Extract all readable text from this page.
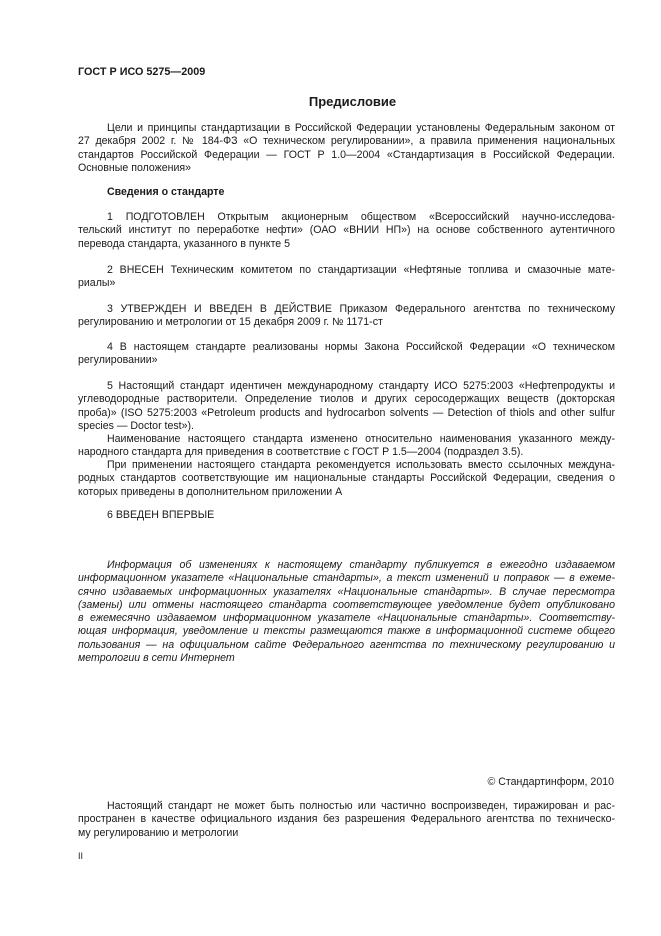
ГОСТ Р ИСО 5275—2009
Предисловие
Цели и принципы стандартизации в Российской Федерации установлены Федеральным законом от
27 декабря 2002 г. № 184-ФЗ «О техническом регулировании», а правила применения национальных
стандартов Российской Федерации — ГОСТ Р 1.0—2004 «Стандартизация в Российской Федерации.
Основные положения»
Сведения о стандарте
1 ПОДГОТОВЛЕН Открытым акционерным обществом «Всероссийский научно-исследова-
тельский институт по переработке нефти» (ОАО «ВНИИ НП») на основе собственного аутентичного
перевода стандарта, указанного в пункте 5
2 ВНЕСЕН Техническим комитетом по стандартизации «Нефтяные топлива и смазочные мате-
риалы»
3 УТВЕРЖДЕН И ВВЕДЕН В ДЕЙСТВИЕ Приказом Федерального агентства по техническому
регулированию и метрологии от 15 декабря 2009 г. № 1171-ст
4 В настоящем стандарте реализованы нормы Закона Российской Федерации «О техническом
регулировании»
5 Настоящий стандарт идентичен международному стандарту ИСО 5275:2003 «Нефтепродукты и
углеводородные растворители. Определение тиолов и других серосодержащих веществ (докторская
проба)» (ISO 5275:2003 «Petroleum products and hydrocarbon solvents — Detection of thiols and other sulfur
species — Doctor test»).
Наименование настоящего стандарта изменено относительно наименования указанного между-
народного стандарта для приведения в соответствие с ГОСТ Р 1.5—2004 (подраздел 3.5).
При применении настоящего стандарта рекомендуется использовать вместо ссылочных междуна-
родных стандартов соответствующие им национальные стандарты Российской Федерации, сведения о
которых приведены в дополнительном приложении А
6 ВВЕДЕН ВПЕРВЫЕ
Информация об изменениях к настоящему стандарту публикуется в ежегодно издаваемом
информационном указателе «Национальные стандарты», а текст изменений и поправок — в ежеме-
сячно издаваемых информационных указателях «Национальные стандарты». В случае пересмотра
(замены) или отмены настоящего стандарта соответствующее уведомление будет опубликовано
в ежемесячно издаваемом информационном указателе «Национальные стандарты». Соответству-
ющая информация, уведомление и тексты размещаются также в информационной системе общего
пользования — на официальном сайте Федерального агентства по техническому регулированию и
метрологии в сети Интернет
© Стандартинформ, 2010
Настоящий стандарт не может быть полностью или частично воспроизведен, тиражирован и рас-
пространен в качестве официального издания без разрешения Федерального агентства по техническо-
му регулированию и метрологии
II
